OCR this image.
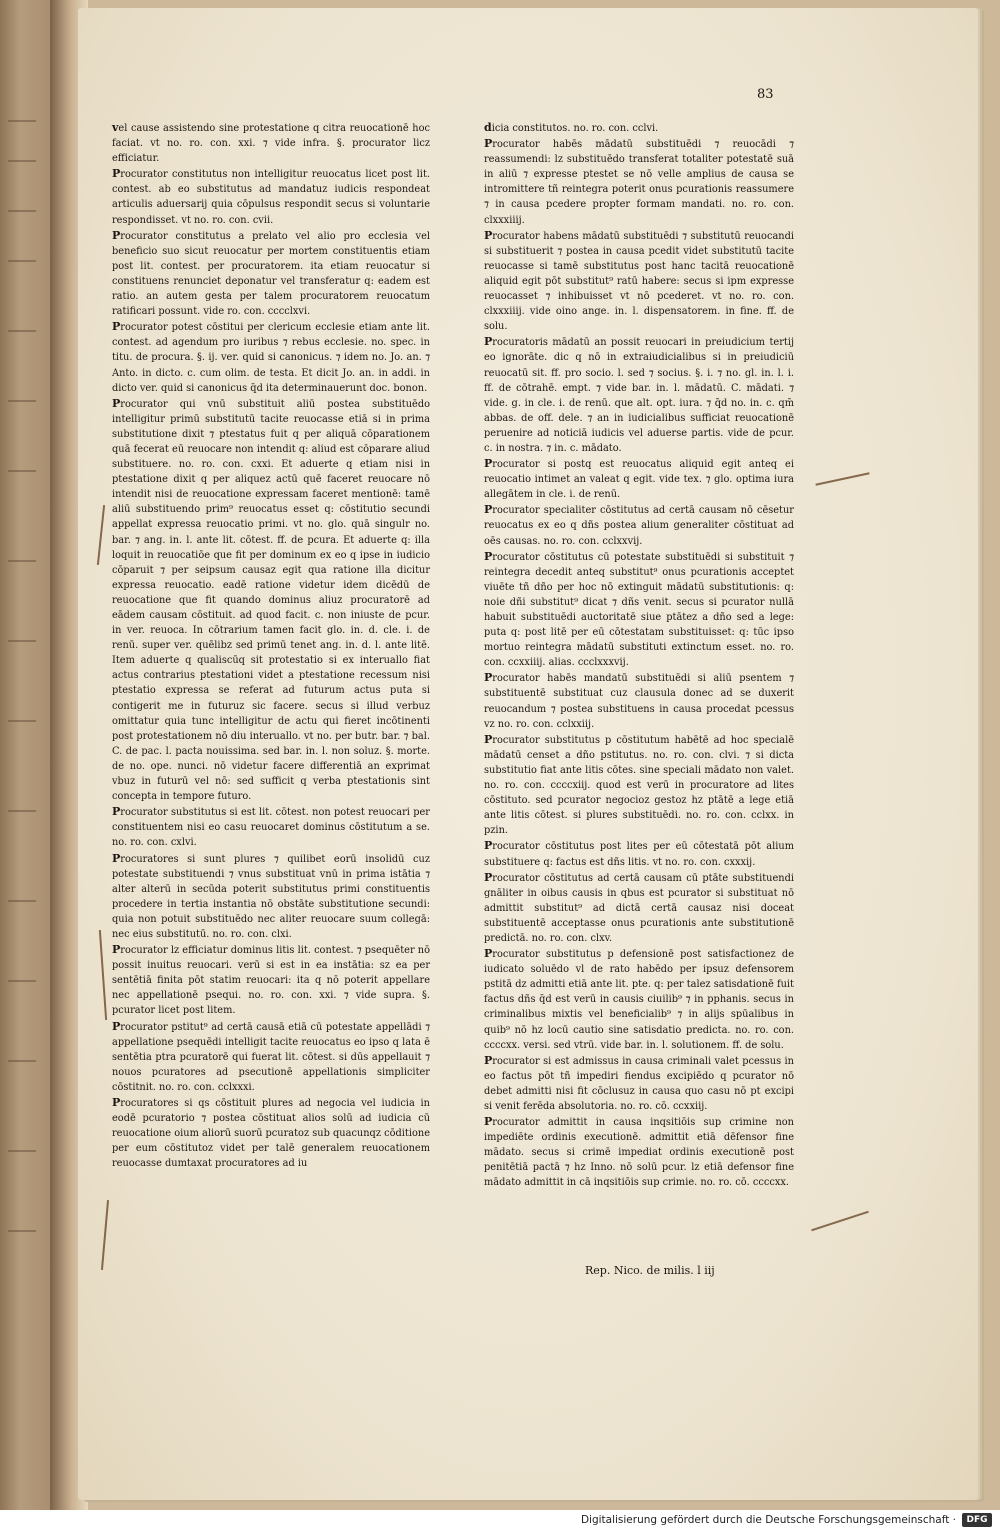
83

vel cause assistendo sine protestatione q citra reuocationē hoc faciat. vt no. ro. con. xxi. ⁊ vide infra. §. procurator licz efficiatur.

Procurator constitutus non intelligitur reuocatus licet post lit. contest. ab eo substitutus ad mandatuz iudicis respondeat articulis aduersarij quia cōpulsus respondit secus si voluntarie respondisset. vt no. ro. con. cvii.

Procurator constitutus a prelato vel alio pro ecclesia vel beneficio suo sicut reuocatur per mortem constituentis etiam post lit. contest. per procuratorem. ita etiam reuocatur si constituens renunciet deponatur vel transferatur q: eadem est ratio. an autem gesta per talem procuratorem reuocatum ratificari possunt. vide ro. con. cccclxvi.

Procurator potest cōstitui per clericum ecclesie etiam ante lit. contest. ad agendum pro iuribus ⁊ rebus ecclesie. no. spec. in titu. de procura. §. ij. ver. quid si canonicus. ⁊ idem no. Jo. an. ⁊ Anto. in dicto. c. cum olim. de testa. Et dicit Jo. an. in addi. in dicto ver. quid si canonicus q̄d ita determinauerunt doc. bonon.

Procurator qui vnū substituit aliū postea substituēdo intelligitur primū substitutū tacite reuocasse etiā si in prima substitutione dixit ⁊ ptestatus fuit q per aliquā cōparationem quā fecerat eū reuocare non intendit q: aliud est cōparare aliud substituere. no. ro. con. cxxi. Et aduerte q etiam nisi in ptestatione dixit q per aliquez actū quē faceret reuocare nō intendit nisi de reuocatione expressam faceret mentionē: tamē aliū substituendo prim⁹ reuocatus esset q: cōstitutio secundi appellat expressa reuocatio primi. vt no. glo. quā singulr no. bar. ⁊ ang. in. l. ante lit. cōtest. ff. de pcura. Et aduerte q: illa loquit in reuocatiōe que fit per dominum ex eo q ipse in iudicio cōparuit ⁊ per seipsum causaz egit qua ratione illa dicitur expressa reuocatio. eadē ratione videtur idem dicēdū de reuocatione que fit quando dominus aliuz procuratorē ad eādem causam cōstituit. ad quod facit. c. non iniuste de pcur. in ver. reuoca. In cōtrarium tamen facit glo. in. d. cle. i. de renū. super ver. quēlibz sed primū tenet ang. in. d. l. ante litē. Item aduerte q qualiscūq sit protestatio si ex interuallo fiat actus contrarius ptestationi videt a ptestatione recessum nisi ptestatio expressa se referat ad futurum actus puta si contigerit me in futuruz sic facere. secus si illud verbuz omittatur quia tunc intelligitur de actu qui fieret incōtinenti post protestationem nō diu interuallo. vt no. per butr. bar. ⁊ bal. C. de pac. l. pacta nouissima. sed bar. in. l. non soluz. §. morte. de no. ope. nunci. nō videtur facere differentiā an exprimat vbuz in futurū vel nō: sed sufficit q verba ptestationis sint concepta in tempore futuro.

Procurator substitutus si est lit. cōtest. non potest reuocari per constituentem nisi eo casu reuocaret dominus cōstitutum a se. no. ro. con. cxlvi.

Procuratores si sunt plures ⁊ quilibet eorū insolidū cuz potestate substituendi ⁊ vnus substituat vnū in prima istātia ⁊ alter alterū in secūda poterit substitutus primi constituentis procedere in tertia instantia nō obstāte substitutione secundi: quia non potuit substituēdo nec aliter reuocare suum collegā: nec eius substitutū. no. ro. con. clxi.

Procurator lz efficiatur dominus litis lit. contest. ⁊ psequēter nō possit inuitus reuocari. verū si est in ea instātia: sz ea per sentētiā finita pōt statim reuocari: ita q nō poterit appellare nec appellationē psequi. no. ro. con. xxi. ⁊ vide supra. §. pcurator licet post litem.

Procurator pstitut⁹ ad certā causā etiā cū potestate appellādi ⁊ appellatione psequēdi intelligit tacite reuocatus eo ipso q lata ē sentētia ptra pcuratorē qui fuerat lit. cōtest. si dūs appellauit ⁊ nouos pcuratores ad psecutionē appellationis simpliciter cōstitnit. no. ro. con. cclxxxi.

Procuratores si qs cōstituit plures ad negocia vel iudicia in eodē pcuratorio ⁊ postea cōstituat alios solū ad iudicia cū reuocatione oium aliorū suorū pcuratoz sub quacunqz cōditione per eum cōstitutoz videt per talē generalem reuocationem reuocasse dumtaxat procuratores ad iu

dicia constitutos. no. ro. con. cclvi.

Procurator habēs mādatū substituēdi ⁊ reuocādi ⁊ reassumendi: lz substituēdo transferat totaliter potestatē suā in aliū ⁊ expresse ptestet se nō velle amplius de causa se intromittere tñ reintegra poterit onus pcurationis reassumere ⁊ in causa pcedere propter formam mandati. no. ro. con. clxxxiiij.

Procurator habens mādatū substituēdi ⁊ substitutū reuocandi si substituerit ⁊ postea in causa pcedit videt substitutū tacite reuocasse si tamē substitutus post hanc tacitā reuocationē aliquid egit pōt substitut⁹ ratū habere: secus si ipm expresse reuocasset ⁊ inhibuisset vt nō pcederet. vt no. ro. con. clxxxiiij. vide oino ange. in. l. dispensatorem. in fine. ff. de solu.

Procuratoris mādatū an possit reuocari in preiudicium tertij eo ignorāte. dic q nō in extraiudicialibus si in preiudiciū reuocatū sit. ff. pro socio. l. sed ⁊ socius. §. i. ⁊ no. gl. in. l. i. ff. de cōtrahē. empt. ⁊ vide bar. in. l. mādatū. C. mādati. ⁊ vide. g. in cle. i. de renū. que alt. opt. iura. ⁊ q̄d no. in. c. qm̄ abbas. de off. dele. ⁊ an in iudicialibus sufficiat reuocationē peruenire ad noticiā iudicis vel aduerse partis. vide de pcur. c. in nostra. ⁊ in. c. mādato.

Procurator si postq est reuocatus aliquid egit anteq ei reuocatio intimet an valeat q egit. vide tex. ⁊ glo. optima iura allegātem in cle. i. de renū.

Procurator specialiter cōstitutus ad certā causam nō cēsetur reuocatus ex eo q dñs postea alium generaliter cōstituat ad oēs causas. no. ro. con. cclxxvij.

Procurator cōstitutus cū potestate substituēdi si substituit ⁊ reintegra decedit anteq substitut⁹ onus pcurationis acceptet viuēte tñ dño per hoc nō extinguit mādatū substitutionis: q: noie dñi substitut⁹ dicat ⁊ dñs venit. secus si pcurator nullā habuit substituēdi auctoritatē siue ptātez a dño sed a lege: puta q: post litē per eū cōtestatam substituisset: q: tūc ipso mortuo reintegra mādatū substituti extinctum esset. no. ro. con. ccxxiiij. alias. ccclxxxvij.

Procurator habēs mandatū substituēdi si aliū psentem ⁊ substituentē substituat cuz clausula donec ad se duxerit reuocandum ⁊ postea substituens in causa procedat pcessus vz no. ro. con. cclxxiij.

Procurator substitutus p cōstitutum habētē ad hoc specialē mādatū censet a dño pstitutus. no. ro. con. clvi. ⁊ si dicta substitutio fiat ante litis cōtes. sine speciali mādato non valet. no. ro. con. ccccxiij. quod est verū in procuratore ad lites cōstituto. sed pcurator negocioz gestoz hz ptātē a lege etiā ante litis cōtest. si plures substituēdi. no. ro. con. cclxx. in pzin.

Procurator cōstitutus post lites per eū cōtestatā pōt alium substituere q: factus est dñs litis. vt no. ro. con. cxxxij.

Procurator cōstitutus ad certā causam cū ptāte substituendi gnāliter in oibus causis in qbus est pcurator si substituat nō admittit substitut⁹ ad dictā certā causaz nisi doceat substituentē acceptasse onus pcurationis ante substitutionē predictā. no. ro. con. clxv.

Procurator substitutus p defensionē post satisfactionez de iudicato soluēdo vl de rato habēdo per ipsuz defensorem pstitā dz admitti etiā ante lit. pte. q: per talez satisdationē fuit factus dñs q̄d est verū in causis ciuilib⁹ ⁊ in pphanis. secus in criminalibus mixtis vel beneficialib⁹ ⁊ in alijs spūalibus in quib⁹ nō hz locū cautio sine satisdatio predicta. no. ro. con. ccccxx. versi. sed vtrū. vide bar. in. l. solutionem. ff. de solu.

Procurator si est admissus in causa criminali valet pcessus in eo factus pōt tñ impediri fiendus excipiēdo q pcurator nō debet admitti nisi fit cōclusuz in causa quo casu nō pt excipi si venit ferēda absolutoria. no. ro. cō. ccxxiij.

Procurator admittit in causa inqsitiōis sup crimine non impediēte ordinis executionē. admittit etiā dēfensor fine mādato. secus si crimē impediat ordinis executionē post penitētiā pactā ⁊ hz Inno. nō solū pcur. lz etiā defensor fine mādato admittit in cā inqsitiōis sup crimie. no. ro. cō. ccccxx.

Rep. Nico. de milis. l iij
Digitalisierung gefördert durch die Deutsche Forschungsgemeinschaft ·	DFG
